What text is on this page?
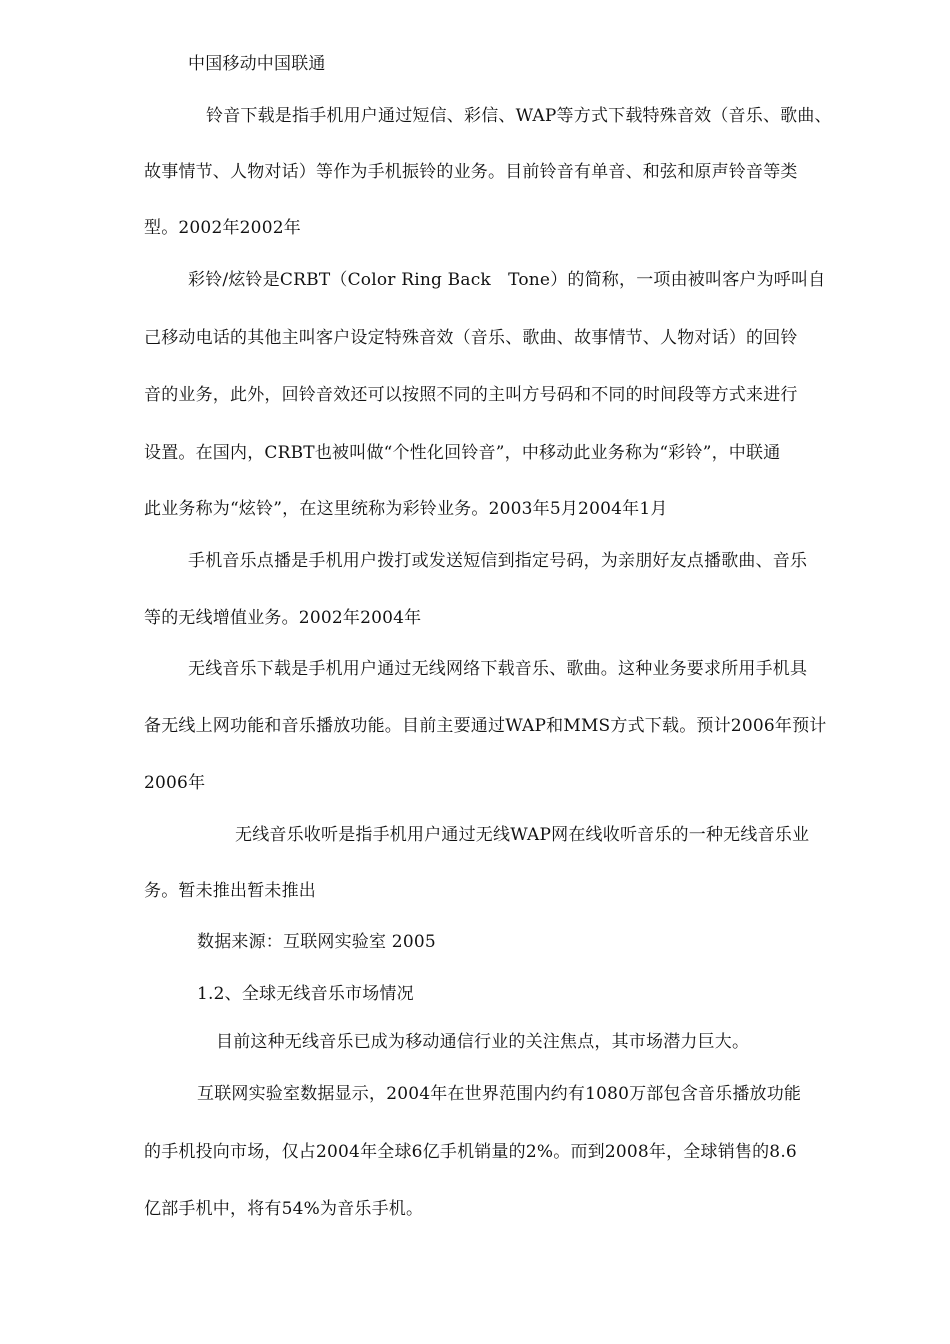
中国移动中国联通
铃音下载是指手机用户通过短信、彩信、WAP等方式下载特殊音效（音乐、歌曲、
故事情节、人物对话）等作为手机振铃的业务。目前铃音有单音、和弦和原声铃音等类
型。2002年2002年
彩铃/炫铃是CRBT（Color Ring Back　Tone）的简称，一项由被叫客户为呼叫自
己移动电话的其他主叫客户设定特殊音效（音乐、歌曲、故事情节、人物对话）的回铃
音的业务，此外，回铃音效还可以按照不同的主叫方号码和不同的时间段等方式来进行
设置。在国内，CRBT也被叫做“个性化回铃音”，中移动此业务称为“彩铃”，中联通
此业务称为“炫铃”，在这里统称为彩铃业务。2003年5月2004年1月
手机音乐点播是手机用户拨打或发送短信到指定号码，为亲朋好友点播歌曲、音乐
等的无线增值业务。2002年2004年
无线音乐下载是手机用户通过无线网络下载音乐、歌曲。这种业务要求所用手机具
备无线上网功能和音乐播放功能。目前主要通过WAP和MMS方式下载。预计2006年预计
2006年
无线音乐收听是指手机用户通过无线WAP网在线收听音乐的一种无线音乐业
务。暂未推出暂未推出
数据来源：互联网实验室 2005
1.2、全球无线音乐市场情况
目前这种无线音乐已成为移动通信行业的关注焦点，其市场潜力巨大。
互联网实验室数据显示，2004年在世界范围内约有1080万部包含音乐播放功能
的手机投向市场，仅占2004年全球6亿手机销量的2%。而到2008年，全球销售的8.6
亿部手机中，将有54%为音乐手机。
